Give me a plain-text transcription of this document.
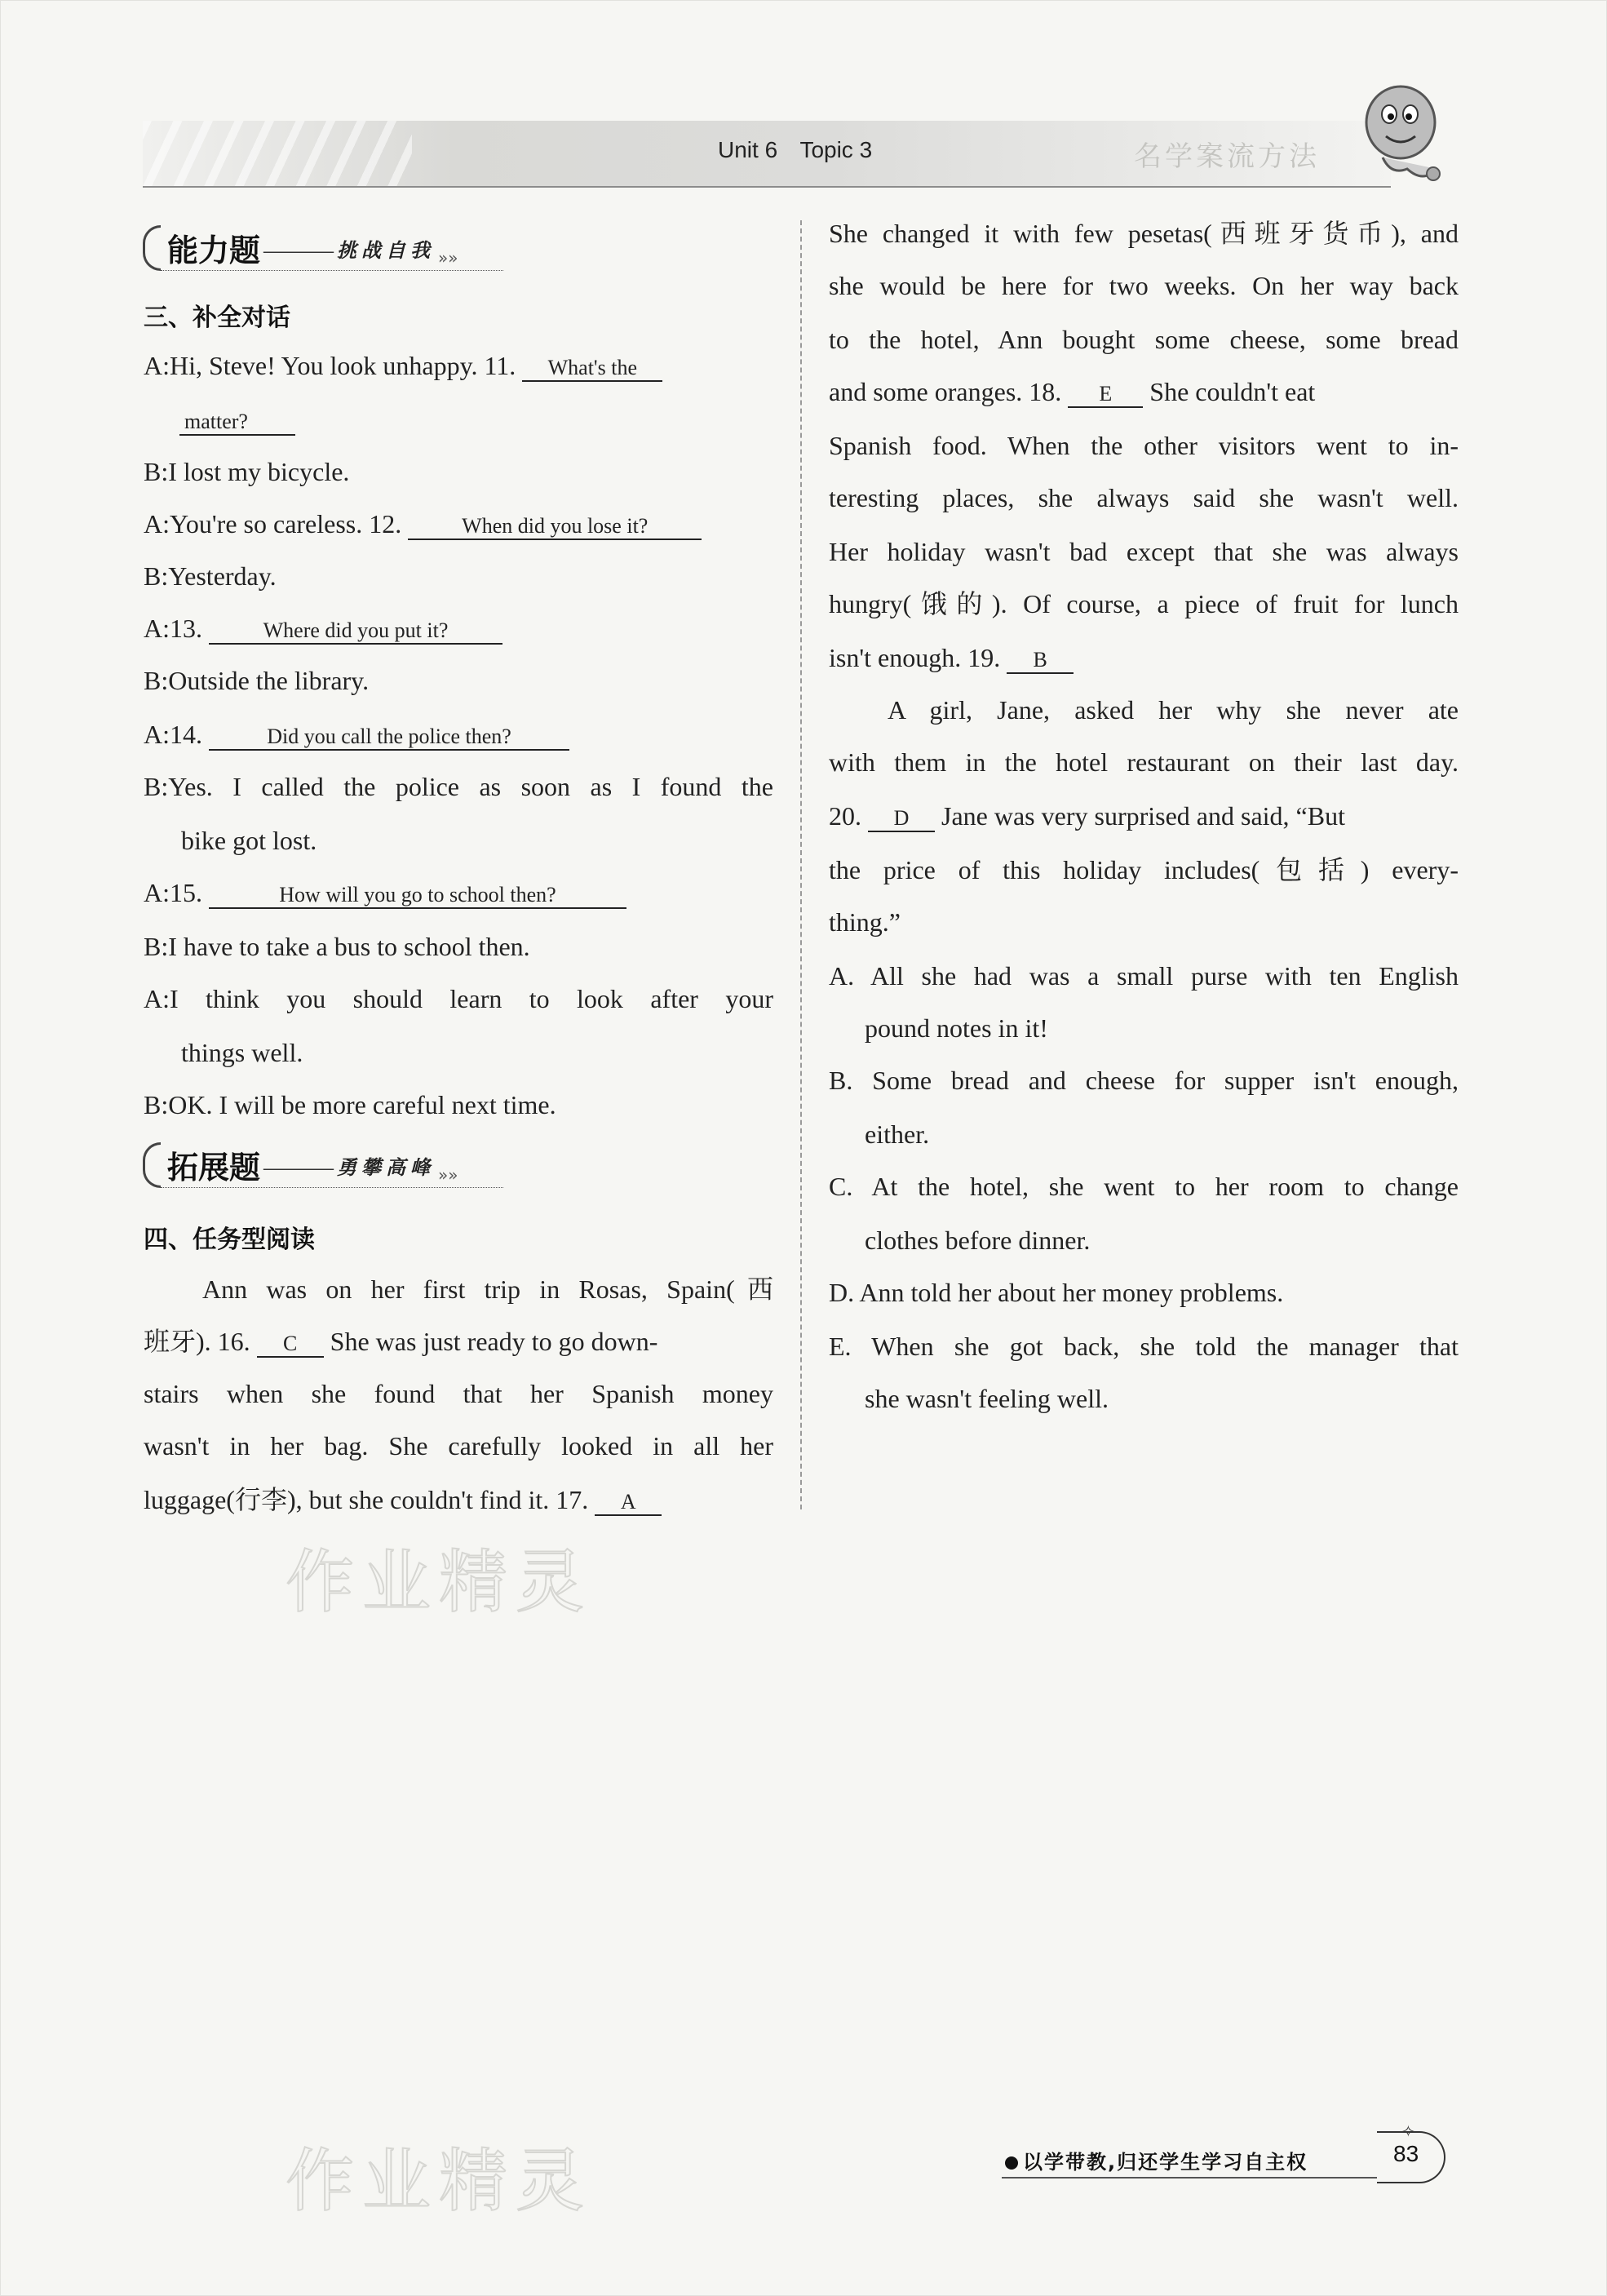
Unit 6 Topic 3	名学案流方法
能力题 ——— 挑战自我 »»
三、补全对话
A:Hi, Steve! You look unhappy. 11. What's the
matter?
B:I lost my bicycle.
A:You're so careless. 12.	When did you lose it?
B:Yesterday.
A:13.	Where did you put it?
B:Outside the library.
A:14.	Did you call the police then?
B:Yes. I called the police as soon as I found the
bike got lost.
A:15.	How will you go to school then?
B:I have to take a bus to school then.
A:I think you should learn to look after your
things well.
B:OK. I will be more careful next time.
拓展题 ——— 勇攀高峰 »»
四、任务型阅读
Ann was on her first trip in Rosas, Spain(西
班牙). 16. C She was just ready to go down-
stairs when she found that her Spanish money
wasn't in her bag. She carefully looked in all her
luggage(行李), but she couldn't find it. 17. A
She changed it with few pesetas(西班牙货币), and
she would be here for two weeks. On her way back
to the hotel, Ann bought some cheese, some bread
and some oranges. 18. E She couldn't eat
Spanish food. When the other visitors went to in-
teresting places, she always said she wasn't well.
Her holiday wasn't bad except that she was always
hungry(饿的). Of course, a piece of fruit for lunch
isn't enough. 19. B
A girl, Jane, asked her why she never ate
with them in the hotel restaurant on their last day.
20. D Jane was very surprised and said, “But
the price of this holiday includes(包括) every-
thing.”
A. All she had was a small purse with ten English
pound notes in it!
B. Some bread and cheese for supper isn't enough,
either.
C. At the hotel, she went to her room to change
clothes before dinner.
D. Ann told her about her money problems.
E. When she got back, she told the manager that
she wasn't feeling well.
作业精灵
作业精灵	以学带教,归还学生学习自主权
✧
83
